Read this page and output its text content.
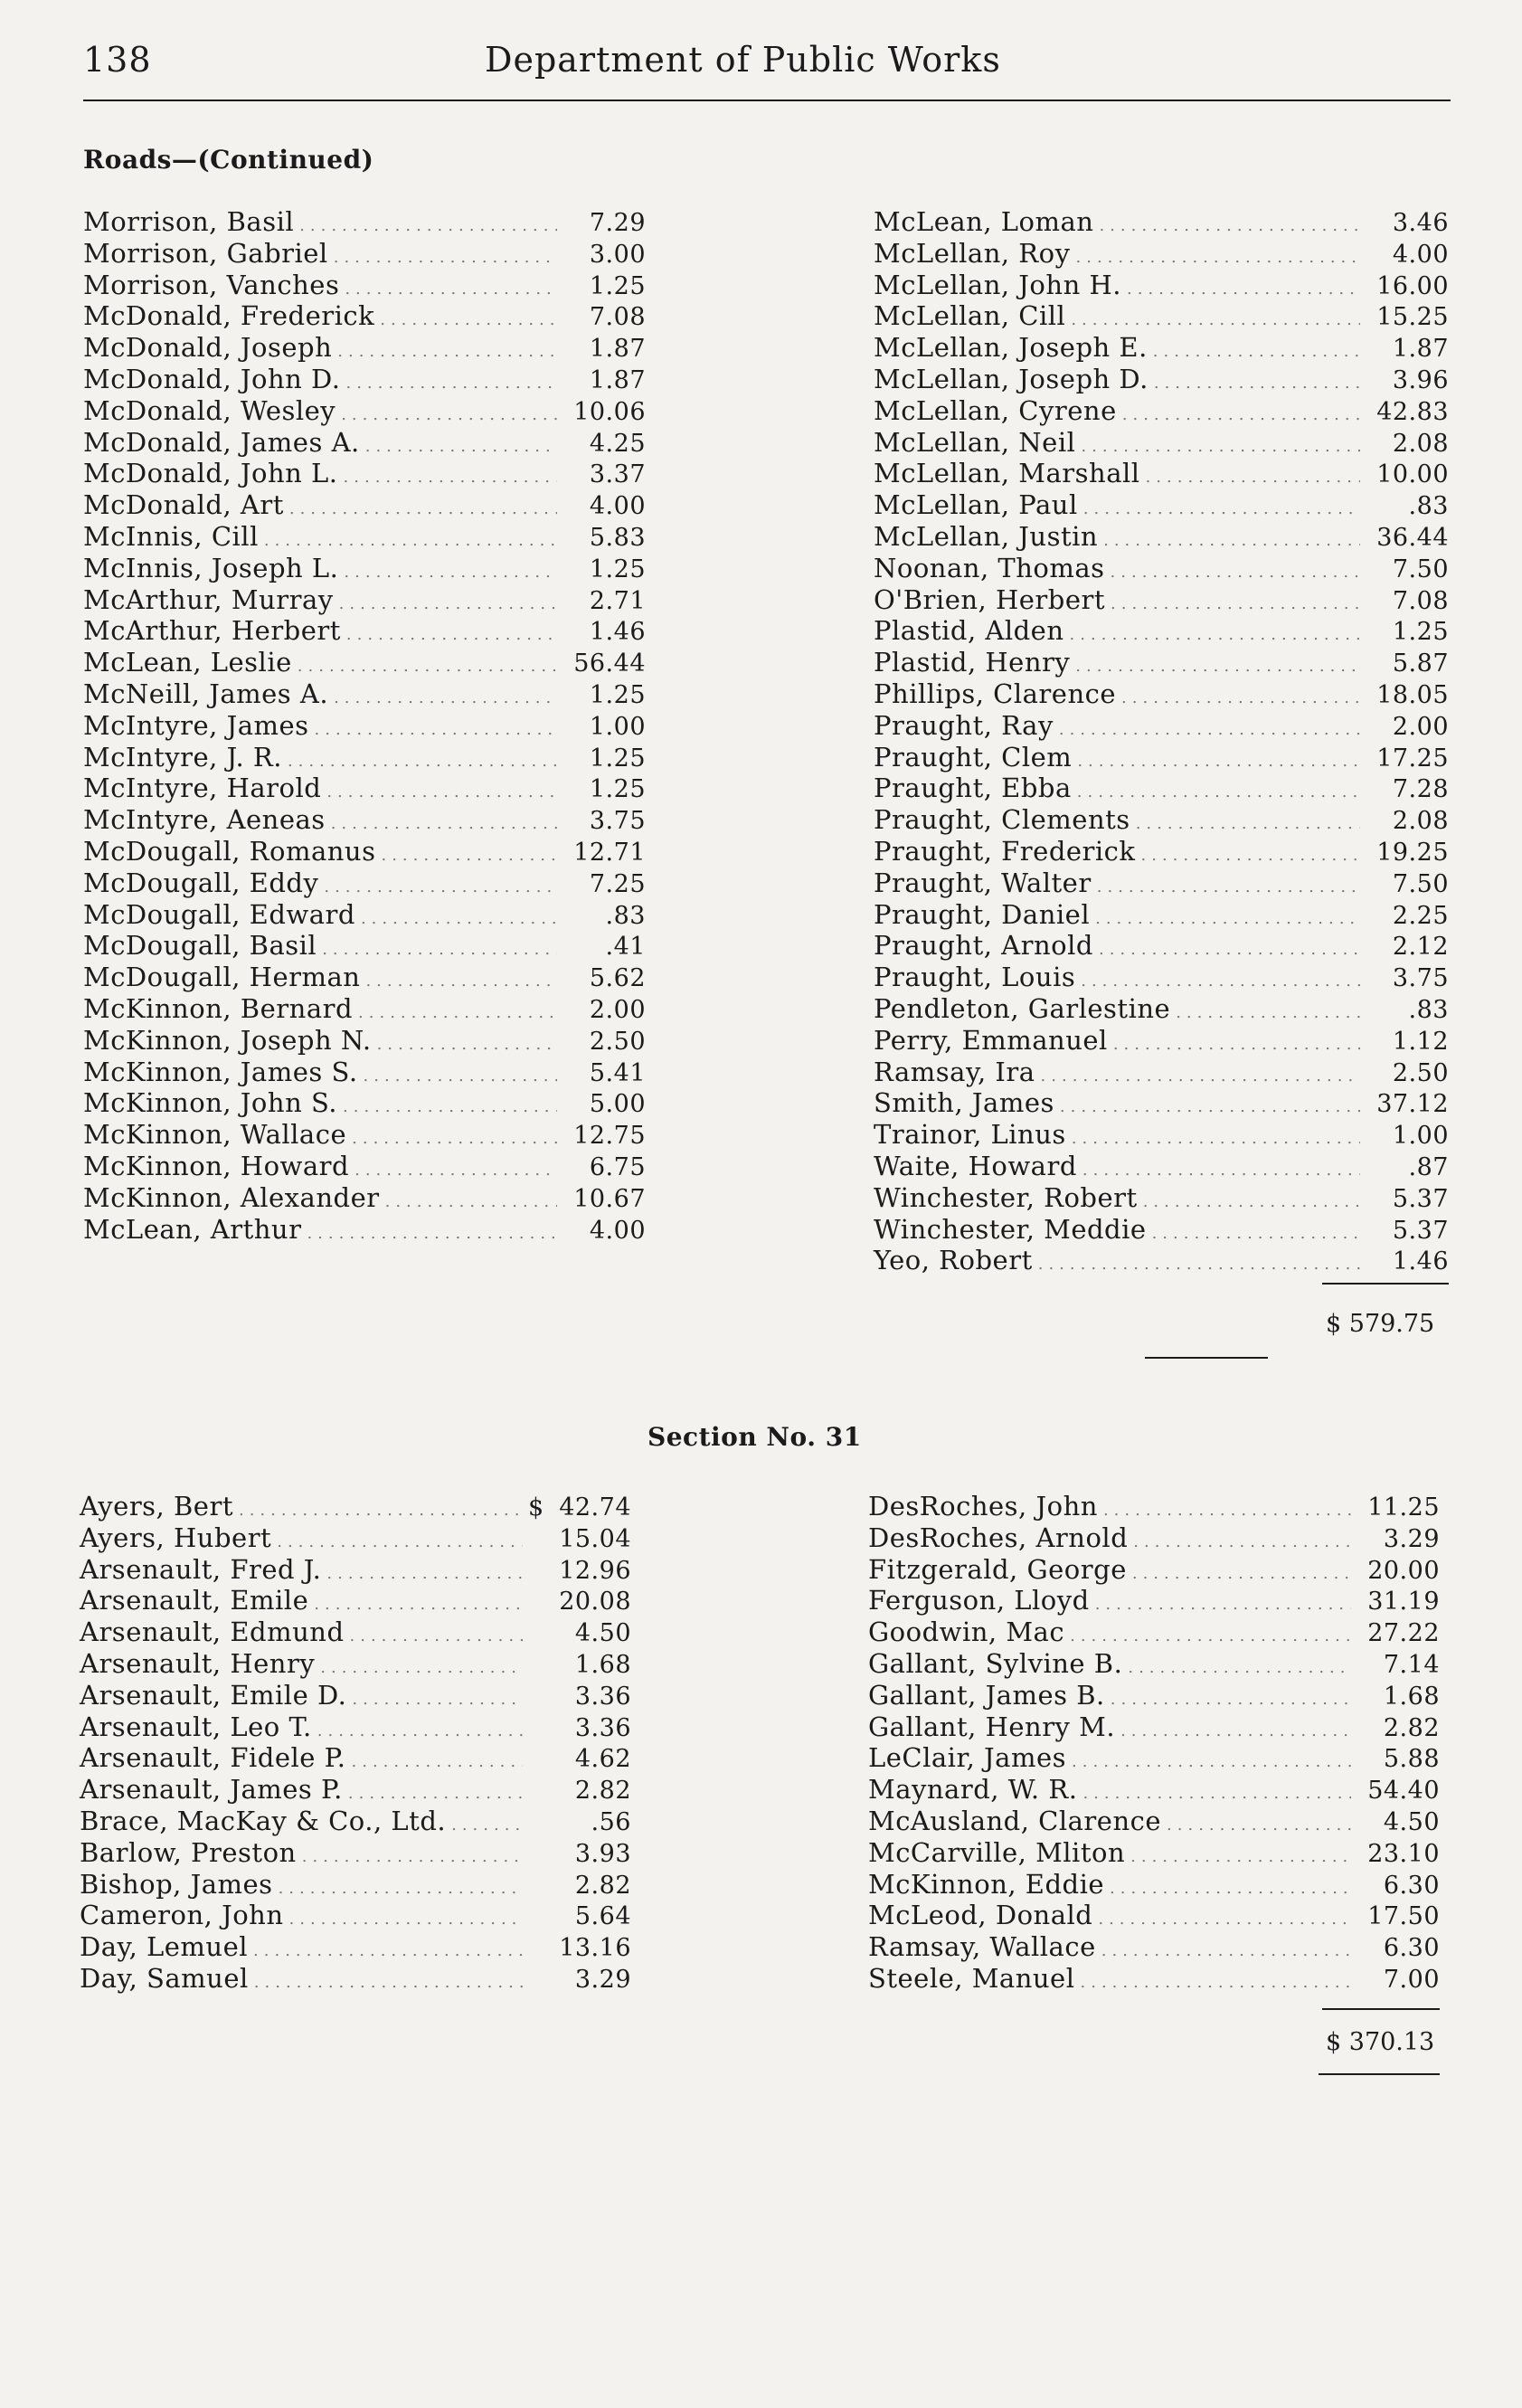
138	Department of Public Works
Roads—(Continued)
Morrison, Basil .....	7.29
Morrison, Gabriel .....	3.00
Morrison, Vanches .....	1.25
McDonald, Frederick .....	7.08
McDonald, Joseph .....	1.87
McDonald, John D. .....	1.87
McDonald, Wesley .....	10.06
McDonald, James A. .....	4.25
McDonald, John L. .....	3.37
McDonald, Art .....	4.00
McInnis, Cill .....	5.83
McInnis, Joseph L. .....	1.25
McArthur, Murray .....	2.71
McArthur, Herbert .....	1.46
McLean, Leslie .....	56.44
McNeill, James A. .....	1.25
McIntyre, James .....	1.00
McIntyre, J. R. .....	1.25
McIntyre, Harold .....	1.25
McIntyre, Aeneas .....	3.75
McDougall, Romanus .....	12.71
McDougall, Eddy .....	7.25
McDougall, Edward .....	.83
McDougall, Basil .....	.41
McDougall, Herman .....	5.62
McKinnon, Bernard .....	2.00
McKinnon, Joseph N. .....	2.50
McKinnon, James S. .....	5.41
McKinnon, John S. .....	5.00
McKinnon, Wallace .....	12.75
McKinnon, Howard .....	6.75
McKinnon, Alexander .....	10.67
McLean, Arthur .....	4.00
McLean, Loman .....	3.46
McLellan, Roy .....	4.00
McLellan, John H. .....	16.00
McLellan, Cill .....	15.25
McLellan, Joseph E. .....	1.87
McLellan, Joseph D. .....	3.96
McLellan, Cyrene .....	42.83
McLellan, Neil .....	2.08
McLellan, Marshall .....	10.00
McLellan, Paul .....	.83
McLellan, Justin .....	36.44
Noonan, Thomas .....	7.50
O'Brien, Herbert .....	7.08
Plastid, Alden .....	1.25
Plastid, Henry .....	5.87
Phillips, Clarence .....	18.05
Praught, Ray .....	2.00
Praught, Clem .....	17.25
Praught, Ebba .....	7.28
Praught, Clements .....	2.08
Praught, Frederick .....	19.25
Praught, Walter .....	7.50
Praught, Daniel .....	2.25
Praught, Arnold .....	2.12
Praught, Louis .....	3.75
Pendleton, Garlestine .....	.83
Perry, Emmanuel .....	1.12
Ramsay, Ira .....	2.50
Smith, James .....	37.12
Trainor, Linus .....	1.00
Waite, Howard .....	.87
Winchester, Robert .....	5.37
Winchester, Meddie .....	5.37
Yeo, Robert .....	1.46
$ 579.75
Section No. 31
Ayers, Bert .....	$ 42.74
Ayers, Hubert .....	15.04
Arsenault, Fred J. .....	12.96
Arsenault, Emile .....	20.08
Arsenault, Edmund .....	4.50
Arsenault, Henry .....	1.68
Arsenault, Emile D. .....	3.36
Arsenault, Leo T. .....	3.36
Arsenault, Fidele P. .....	4.62
Arsenault, James P. .....	2.82
Brace, MacKay & Co., Ltd. .....	.56
Barlow, Preston .....	3.93
Bishop, James .....	2.82
Cameron, John .....	5.64
Day, Lemuel .....	13.16
Day, Samuel .....	3.29
DesRoches, John .....	11.25
DesRoches, Arnold .....	3.29
Fitzgerald, George .....	20.00
Ferguson, Lloyd .....	31.19
Goodwin, Mac .....	27.22
Gallant, Sylvine B. .....	7.14
Gallant, James B. .....	1.68
Gallant, Henry M. .....	2.82
LeClair, James .....	5.88
Maynard, W. R. .....	54.40
McAusland, Clarence .....	4.50
McCarville, Mliton .....	23.10
McKinnon, Eddie .....	6.30
McLeod, Donald .....	17.50
Ramsay, Wallace .....	6.30
Steele, Manuel .....	7.00
$ 370.13
